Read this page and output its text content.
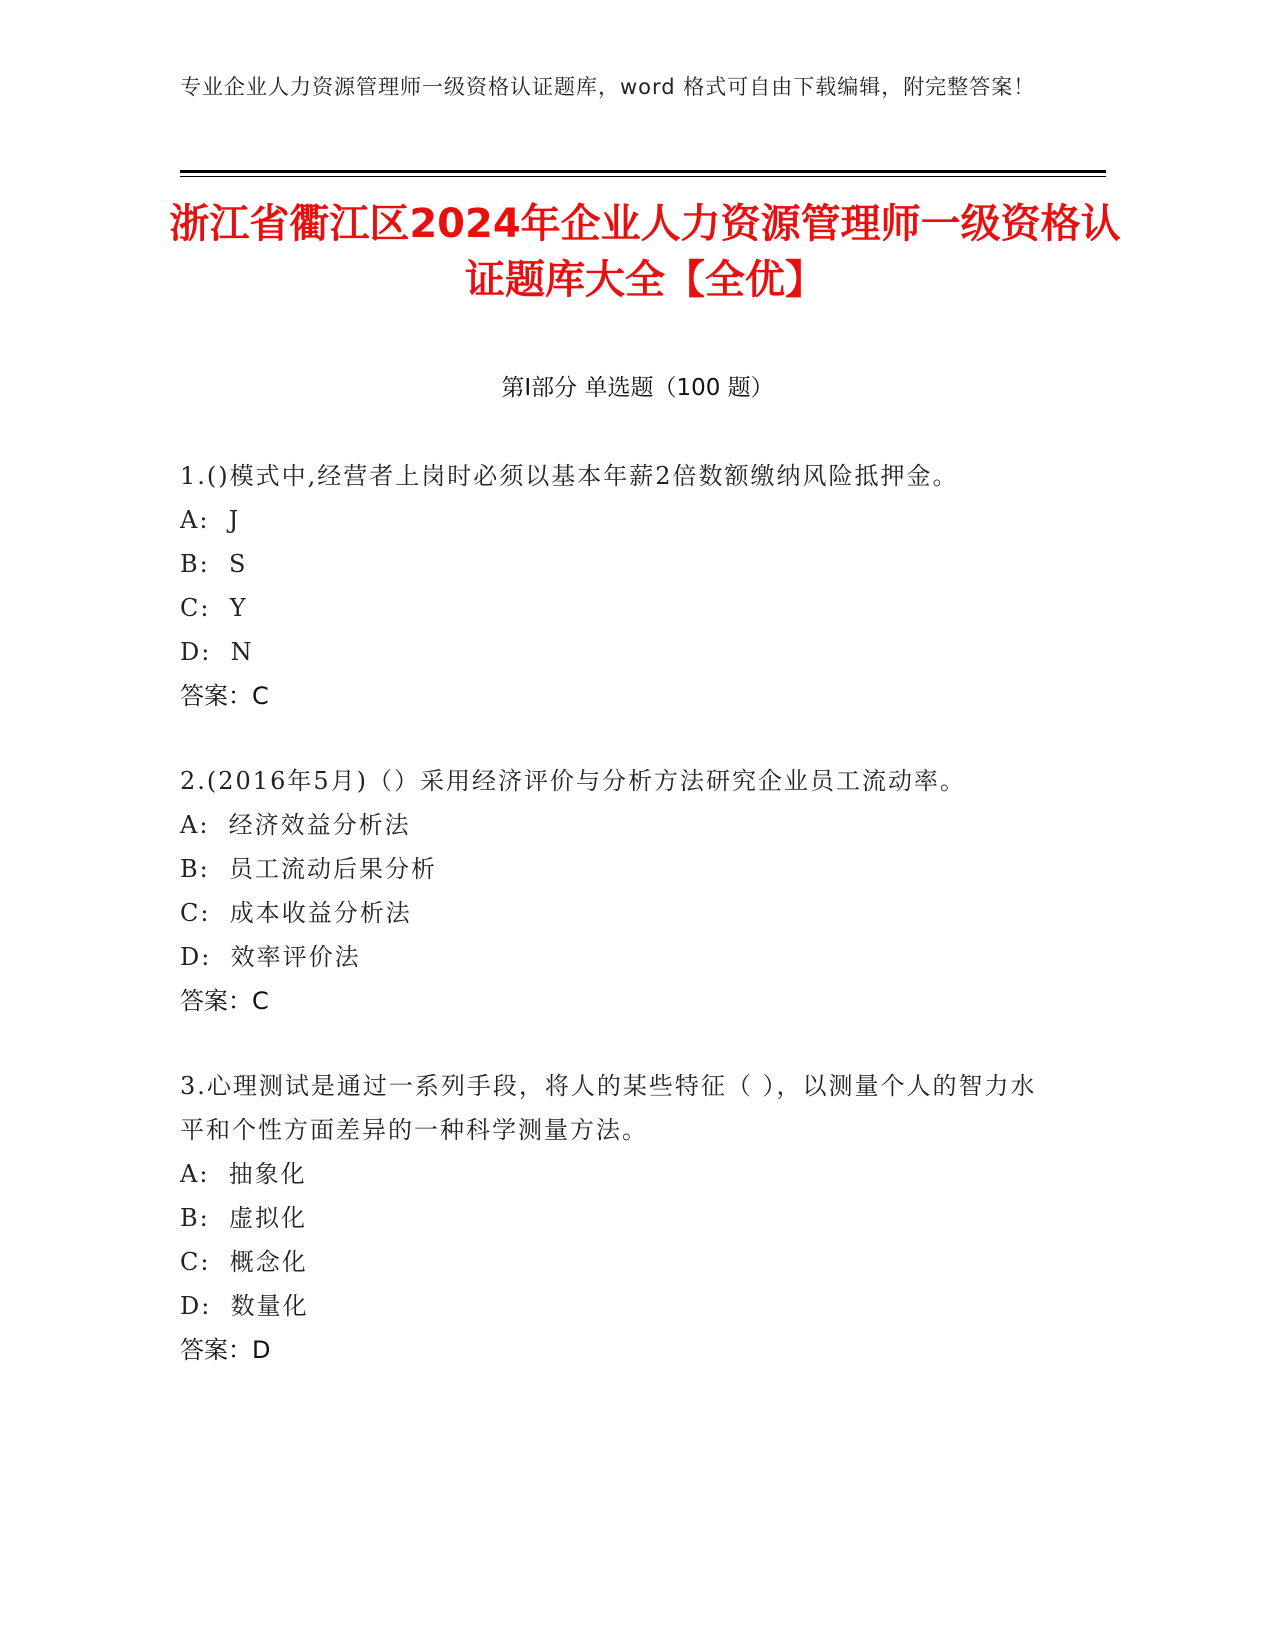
专业企业人力资源管理师一级资格认证题库，word 格式可自由下载编辑，附完整答案！
浙江省衢江区2024年企业人力资源管理师一级资格认证题库大全【全优】
第Ⅰ部分 单选题（100 题）

1.()模式中,经营者上岗时必须以基本年薪2倍数额缴纳风险抵押金。

A:  J

B:  S

C:  Y

D:  N

答案：C

2.(2016年5月)（）采用经济评价与分析方法研究企业员工流动率。

A:  经济效益分析法

B:  员工流动后果分析

C:  成本收益分析法

D:  效率评价法

答案：C

3.心理测试是通过一系列手段，将人的某些特征（ ），以测量个人的智力水平和个性方面差异的一种科学测量方法。

A:  抽象化

B:  虚拟化

C:  概念化

D:  数量化

答案：D
